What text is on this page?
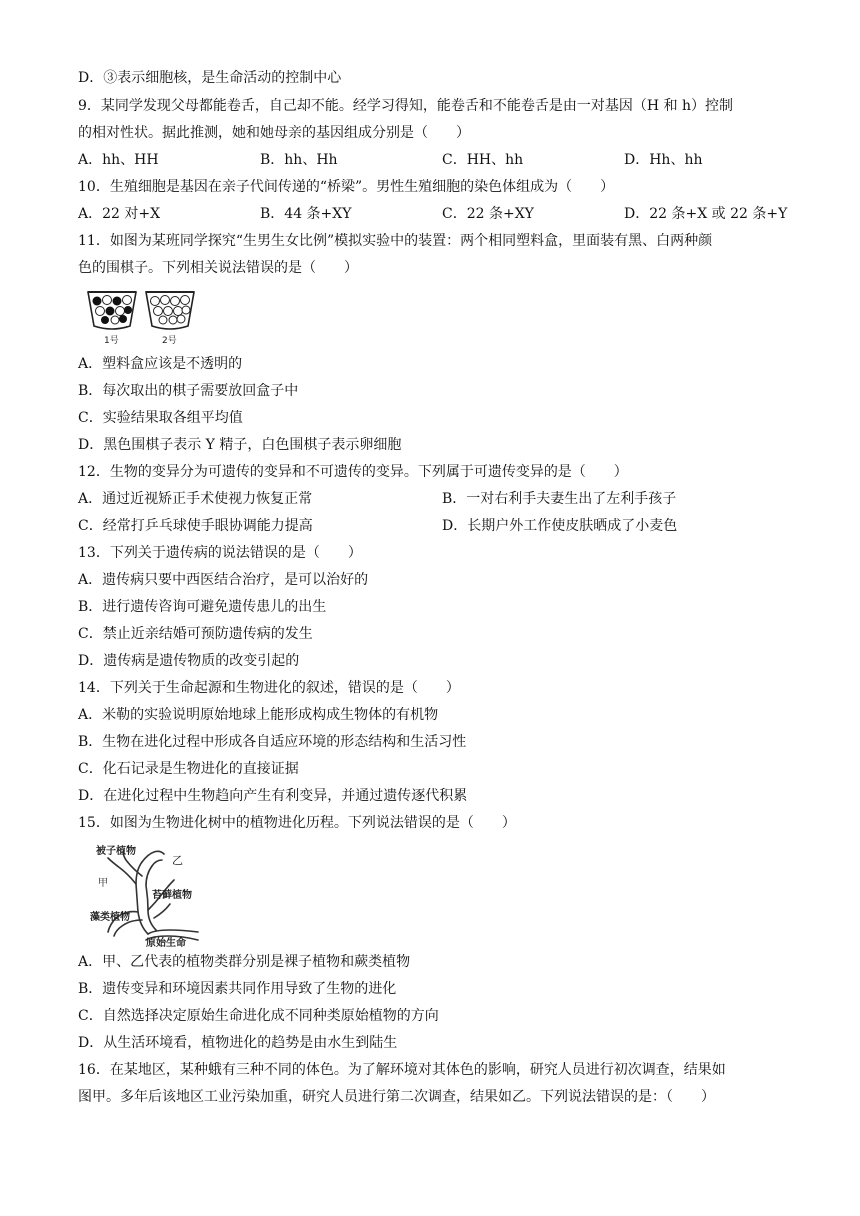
D．③表示细胞核，是生命活动的控制中心
9．某同学发现父母都能卷舌，自己却不能。经学习得知，能卷舌和不能卷舌是由一对基因（H 和 h）控制
的相对性状。据此推测，她和她母亲的基因组成分别是（　　）
A．hh、HH	B．hh、Hh	C．HH、hh	D．Hh、hh
10．生殖细胞是基因在亲子代间传递的“桥梁”。男性生殖细胞的染色体组成为（　　）
A．22 对+X	B．44 条+XY	C．22 条+XY	D．22 条+X 或 22 条+Y
11．如图为某班同学探究“生男生女比例”模拟实验中的装置：两个相同塑料盒，里面装有黑、白两种颜
色的围棋子。下列相关说法错误的是（　　）
1号	2号
A．塑料盒应该是不透明的
B．每次取出的棋子需要放回盒子中
C．实验结果取各组平均值
D．黑色围棋子表示 Y 精子，白色围棋子表示卵细胞
12．生物的变异分为可遗传的变异和不可遗传的变异。下列属于可遗传变异的是（　　）
A．通过近视矫正手术使视力恢复正常	B．一对右利手夫妻生出了左利手孩子
C．经常打乒乓球使手眼协调能力提高	D．长期户外工作使皮肤晒成了小麦色
13．下列关于遗传病的说法错误的是（　　）
A．遗传病只要中西医结合治疗，是可以治好的
B．进行遗传咨询可避免遗传患儿的出生
C．禁止近亲结婚可预防遗传病的发生
D．遗传病是遗传物质的改变引起的
14．下列关于生命起源和生物进化的叙述，错误的是（　　）
A．米勒的实验说明原始地球上能形成构成生物体的有机物
B．生物在进化过程中形成各自适应环境的形态结构和生活习性
C．化石记录是生物进化的直接证据
D．在进化过程中生物趋向产生有利变异，并通过遗传逐代积累
15．如图为生物进化树中的植物进化历程。下列说法错误的是（　　）
被子植物
乙
甲
苔藓植物
藻类植物
原始生命
A．甲、乙代表的植物类群分别是裸子植物和蕨类植物
B．遗传变异和环境因素共同作用导致了生物的进化
C．自然选择决定原始生命进化成不同种类原始植物的方向
D．从生活环境看，植物进化的趋势是由水生到陆生
16．在某地区，某种蛾有三种不同的体色。为了解环境对其体色的影响，研究人员进行初次调查，结果如
图甲。多年后该地区工业污染加重，研究人员进行第二次调查，结果如乙。下列说法错误的是：（　　）
